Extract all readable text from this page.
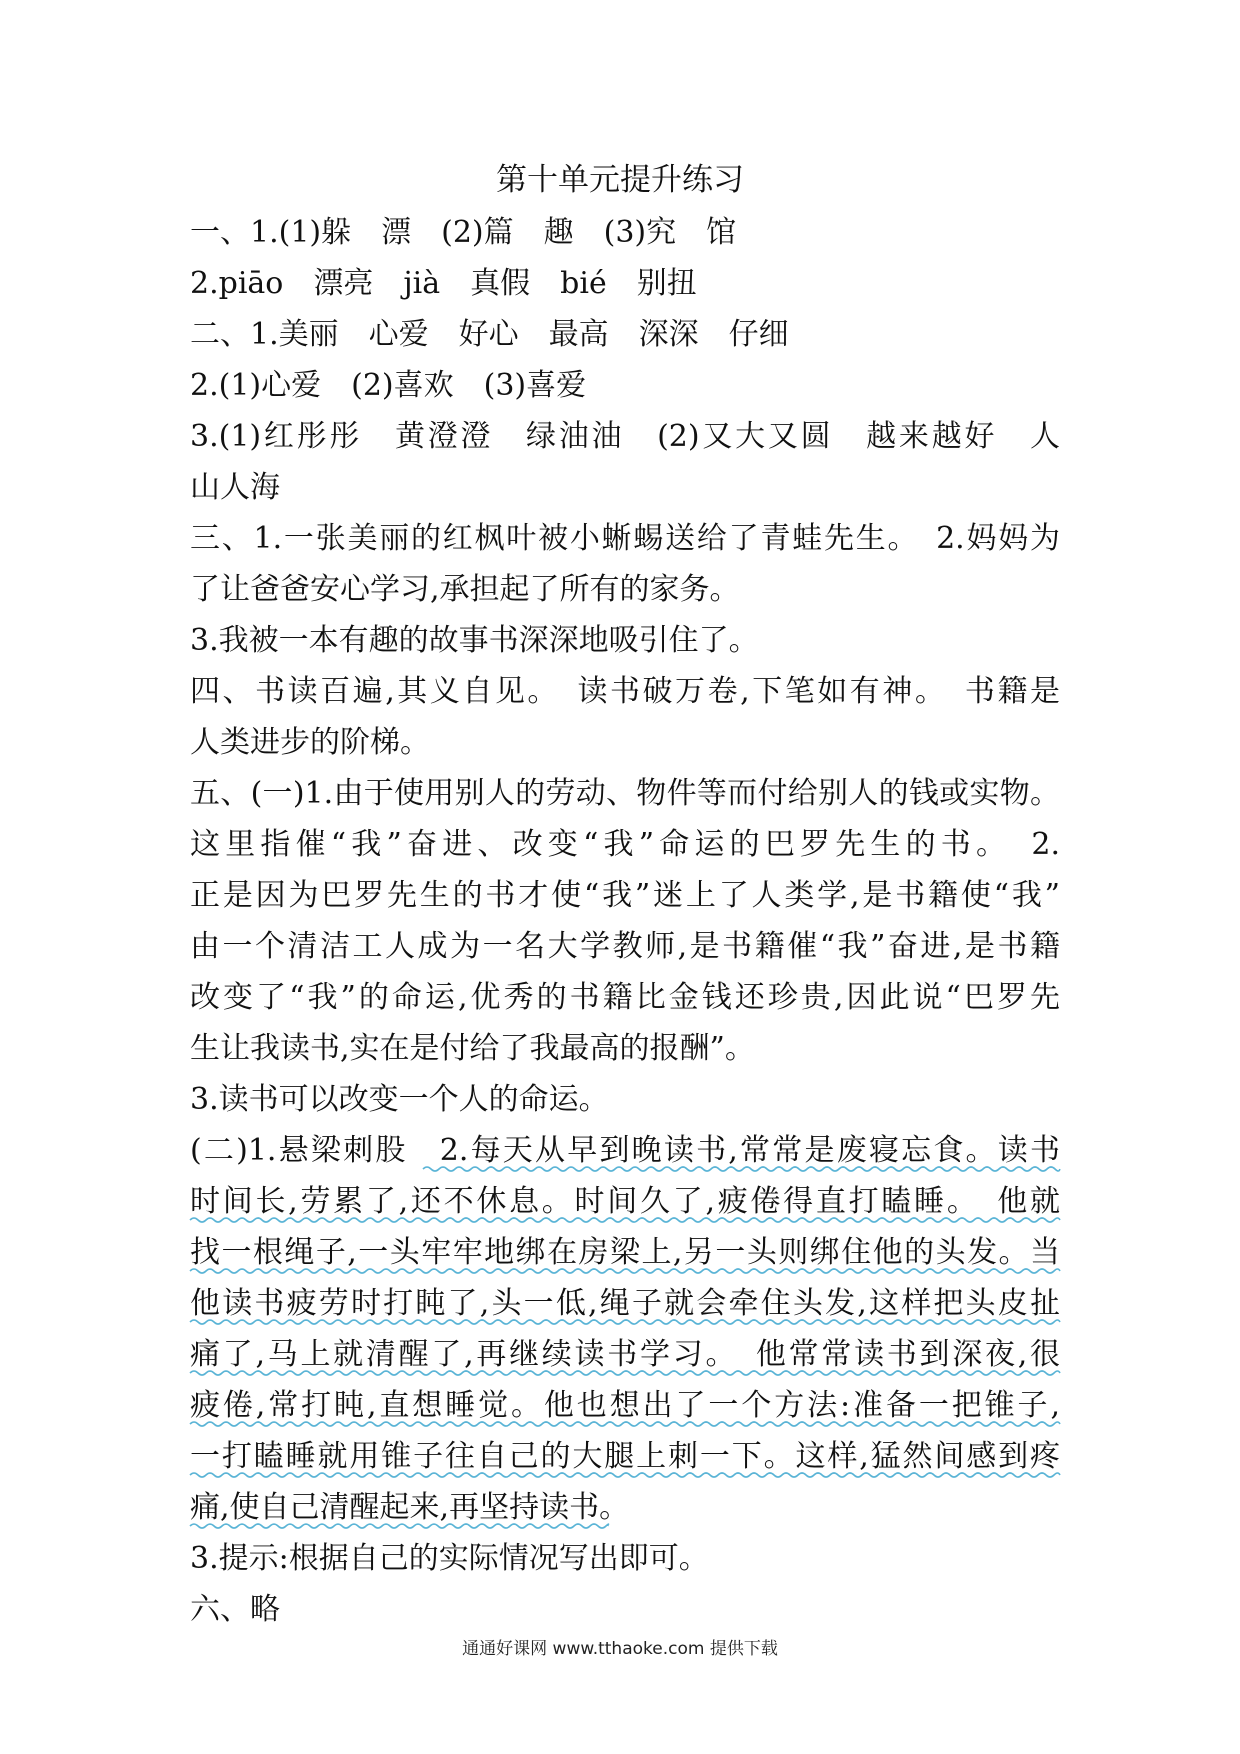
第十单元提升练习
一、1.(1)躲　漂　(2)篇　趣　(3)究　馆
2.piāo　漂亮　jià　真假　bié　别扭
二、1.美丽　心爱　好心　最高　深深　仔细
2.(1)心爱　(2)喜欢　(3)喜爱
3.(1)红彤彤　黄澄澄　绿油油　(2)又大又圆　越来越好　人
山人海
三、1.一张美丽的红枫叶被小蜥蜴送给了青蛙先生。　2.妈妈为
了让爸爸安心学习,承担起了所有的家务。
3.我被一本有趣的故事书深深地吸引住了。
四、书读百遍,其义自见。　读书破万卷,下笔如有神。　书籍是
人类进步的阶梯。
五、(一)1.由于使用别人的劳动、物件等而付给别人的钱或实物。
这里指催“我”奋进、改变“我”命运的巴罗先生的书。　2.
正是因为巴罗先生的书才使“我”迷上了人类学,是书籍使“我”
由一个清洁工人成为一名大学教师,是书籍催“我”奋进,是书籍
改变了“我”的命运,优秀的书籍比金钱还珍贵,因此说“巴罗先
生让我读书,实在是付给了我最高的报酬”。
3.读书可以改变一个人的命运。
(二)1.悬梁刺股　2.每天从早到晚读书,常常是废寝忘食。读书
时间长,劳累了,还不休息。时间久了,疲倦得直打瞌睡。　他就
找一根绳子,一头牢牢地绑在房梁上,另一头则绑住他的头发。当
他读书疲劳时打盹了,头一低,绳子就会牵住头发,这样把头皮扯
痛了,马上就清醒了,再继续读书学习。　他常常读书到深夜,很
疲倦,常打盹,直想睡觉。他也想出了一个方法:准备一把锥子,
一打瞌睡就用锥子往自己的大腿上刺一下。这样,猛然间感到疼
痛,使自己清醒起来,再坚持读书。
3.提示:根据自己的实际情况写出即可。
六、略
通通好课网 www.tthaoke.com 提供下载
